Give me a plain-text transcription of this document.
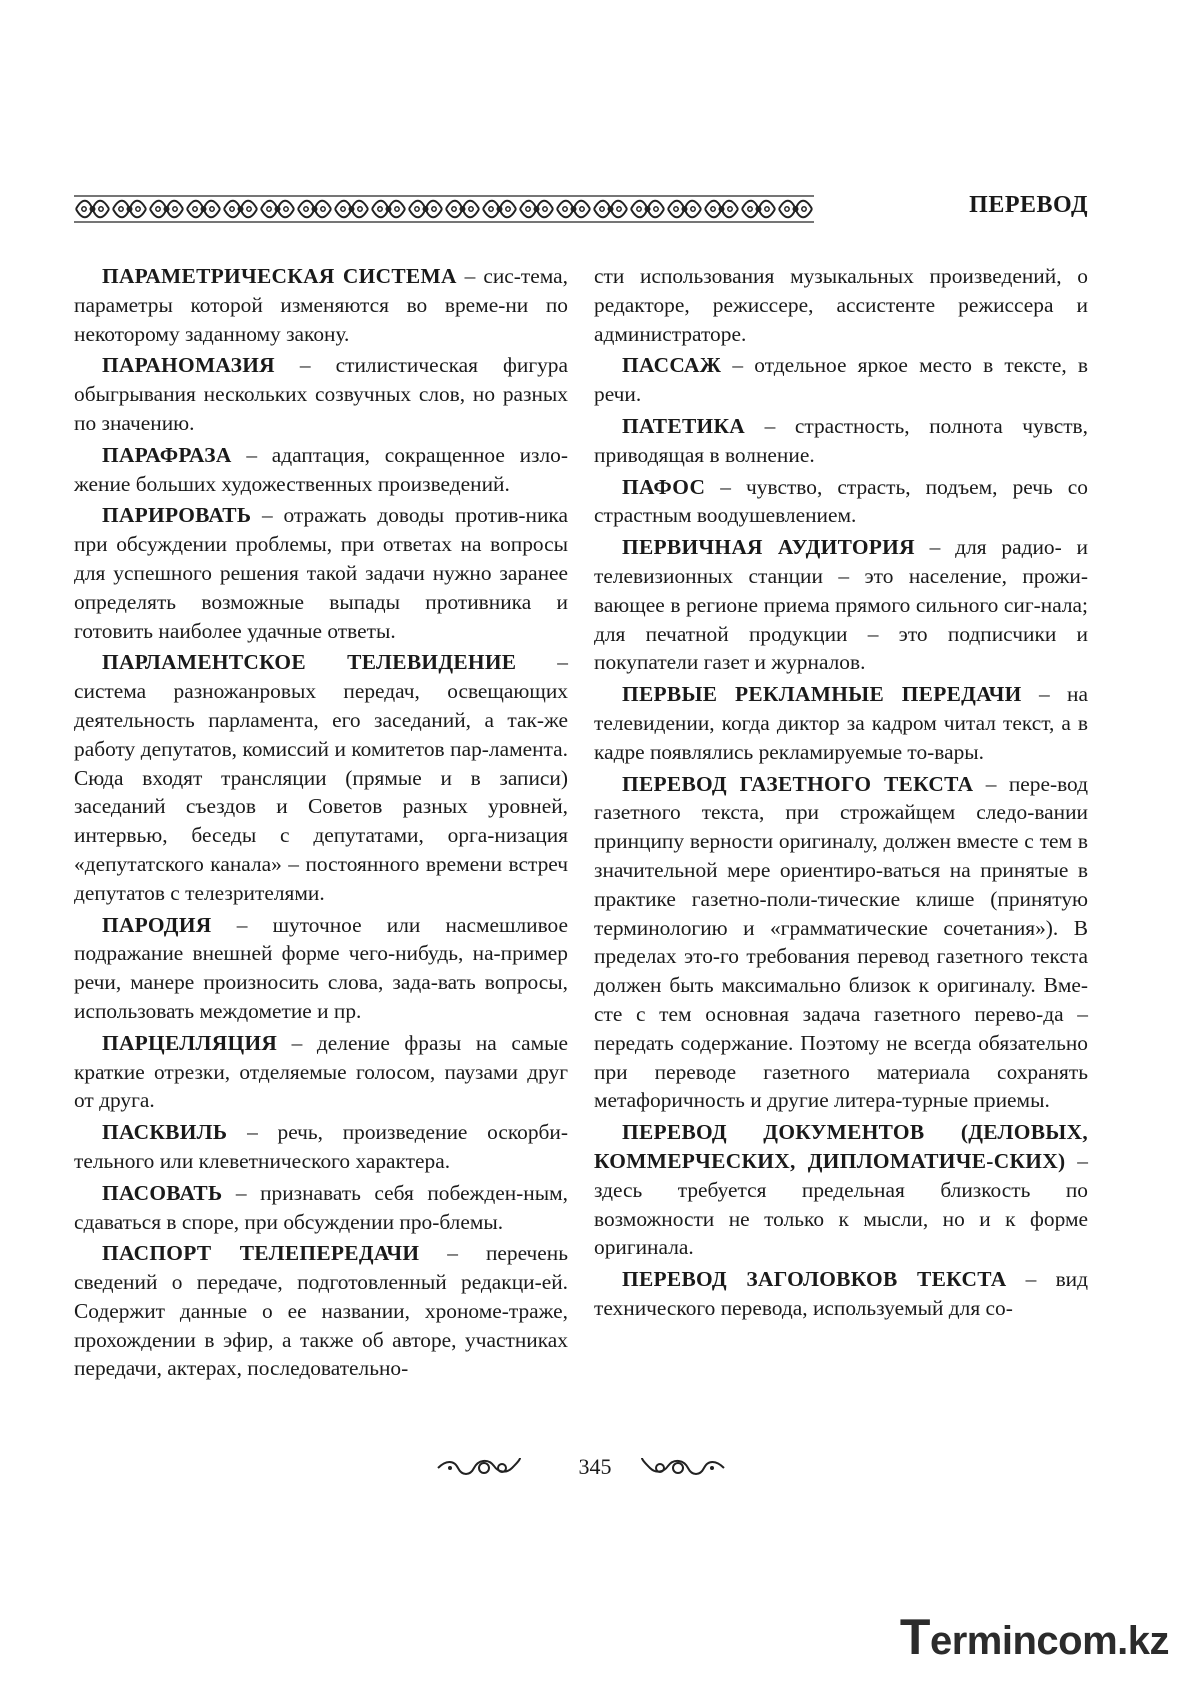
ПЕРЕВОД

ПАРАМЕТРИЧЕСКАЯ СИСТЕМА – сис-тема, параметры которой изменяются во време-ни по некоторому заданному закону.

ПАРАНОМАЗИЯ – стилистическая фигура обыгрывания нескольких созвучных слов, но разных по значению.

ПАРАФРАЗА – адаптация, сокращенное изло-жение больших художественных произведений.

ПАРИРОВАТЬ – отражать доводы против-ника при обсуждении проблемы, при ответах на вопросы для успешного решения такой задачи нужно заранее определять возможные выпады противника и готовить наиболее удачные ответы.

ПАРЛАМЕНТСКОЕ ТЕЛЕВИДЕНИЕ – система разножанровых передач, освещающих деятельность парламента, его заседаний, а так-же работу депутатов, комиссий и комитетов пар-ламента. Сюда входят трансляции (прямые и в записи) заседаний съездов и Советов разных уровней, интервью, беседы с депутатами, орга-низация «депутатского канала» – постоянного времени встреч депутатов с телезрителями.

ПАРОДИЯ – шуточное или насмешливое подражание внешней форме чего-нибудь, на-пример речи, манере произносить слова, зада-вать вопросы, использовать междометие и пр.

ПАРЦЕЛЛЯЦИЯ – деление фразы на самые краткие отрезки, отделяемые голосом, паузами друг от друга.

ПАСКВИЛЬ – речь, произведение оскорби-тельного или клеветнического характера.

ПАСОВАТЬ – признавать себя побежден-ным, сдаваться в споре, при обсуждении про-блемы.

ПАСПОРТ ТЕЛЕПЕРЕДАЧИ – перечень сведений о передаче, подготовленный редакци-ей. Содержит данные о ее названии, хрономе-траже, прохождении в эфир, а также об авторе, участниках передачи, актерах, последовательно-

сти использования музыкальных произведений, о редакторе, режиссере, ассистенте режиссера и администраторе.

ПАССАЖ – отдельное яркое место в тексте, в речи.

ПАТЕТИКА – страстность, полнота чувств, приводящая в волнение.

ПАФОС – чувство, страсть, подъем, речь со страстным воодушевлением.

ПЕРВИЧНАЯ АУДИТОРИЯ – для радио- и телевизионных станции – это население, прожи-вающее в регионе приема прямого сильного сиг-нала; для печатной продукции – это подписчики и покупатели газет и журналов.

ПЕРВЫЕ РЕКЛАМНЫЕ ПЕРЕДАЧИ – на телевидении, когда диктор за кадром читал текст, а в кадре появлялись рекламируемые то-вары.

ПЕРЕВОД ГАЗЕТНОГО ТЕКСТА – пере-вод газетного текста, при строжайщем следо-вании принципу верности оригиналу, должен вместе с тем в значительной мере ориентиро-ваться на принятые в практике газетно-поли-тические клише (принятую терминологию и «грамматические сочетания»). В пределах это-го требования перевод газетного текста должен быть максимально близок к оригиналу. Вме-сте с тем основная задача газетного перево-да – передать содержание. Поэтому не всегда обязательно при переводе газетного материала сохранять метафоричность и другие литера-турные приемы.

ПЕРЕВОД ДОКУМЕНТОВ (ДЕЛОВЫХ, КОММЕРЧЕСКИХ, ДИПЛОМАТИЧЕ-СКИХ) – здесь требуется предельная близкость по возможности не только к мысли, но и к форме оригинала.

ПЕРЕВОД ЗАГОЛОВКОВ ТЕКСТА – вид технического перевода, используемый для со-

345
Termincom.kz
